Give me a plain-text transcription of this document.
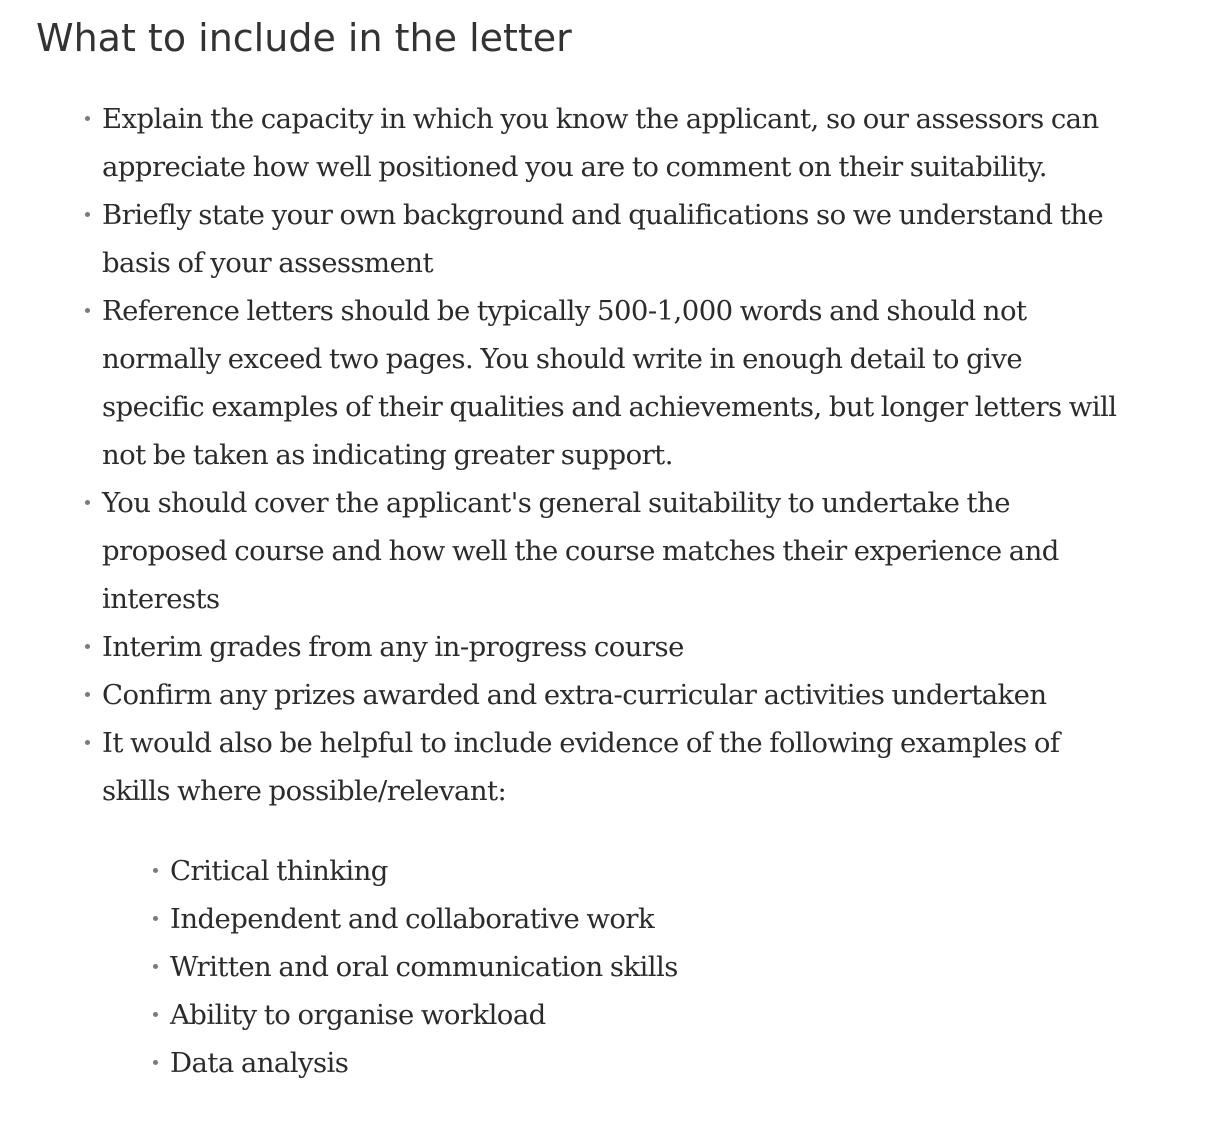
What to include in the letter
Explain the capacity in which you know the applicant, so our assessors can
appreciate how well positioned you are to comment on their suitability.
Briefly state your own background and qualifications so we understand the
basis of your assessment
Reference letters should be typically 500-1,000 words and should not
normally exceed two pages. You should write in enough detail to give
specific examples of their qualities and achievements, but longer letters will
not be taken as indicating greater support.
You should cover the applicant's general suitability to undertake the
proposed course and how well the course matches their experience and
interests
Interim grades from any in-progress course
Confirm any prizes awarded and extra-curricular activities undertaken
It would also be helpful to include evidence of the following examples of
skills where possible/relevant:
Critical thinking
Independent and collaborative work
Written and oral communication skills
Ability to organise workload
Data analysis
